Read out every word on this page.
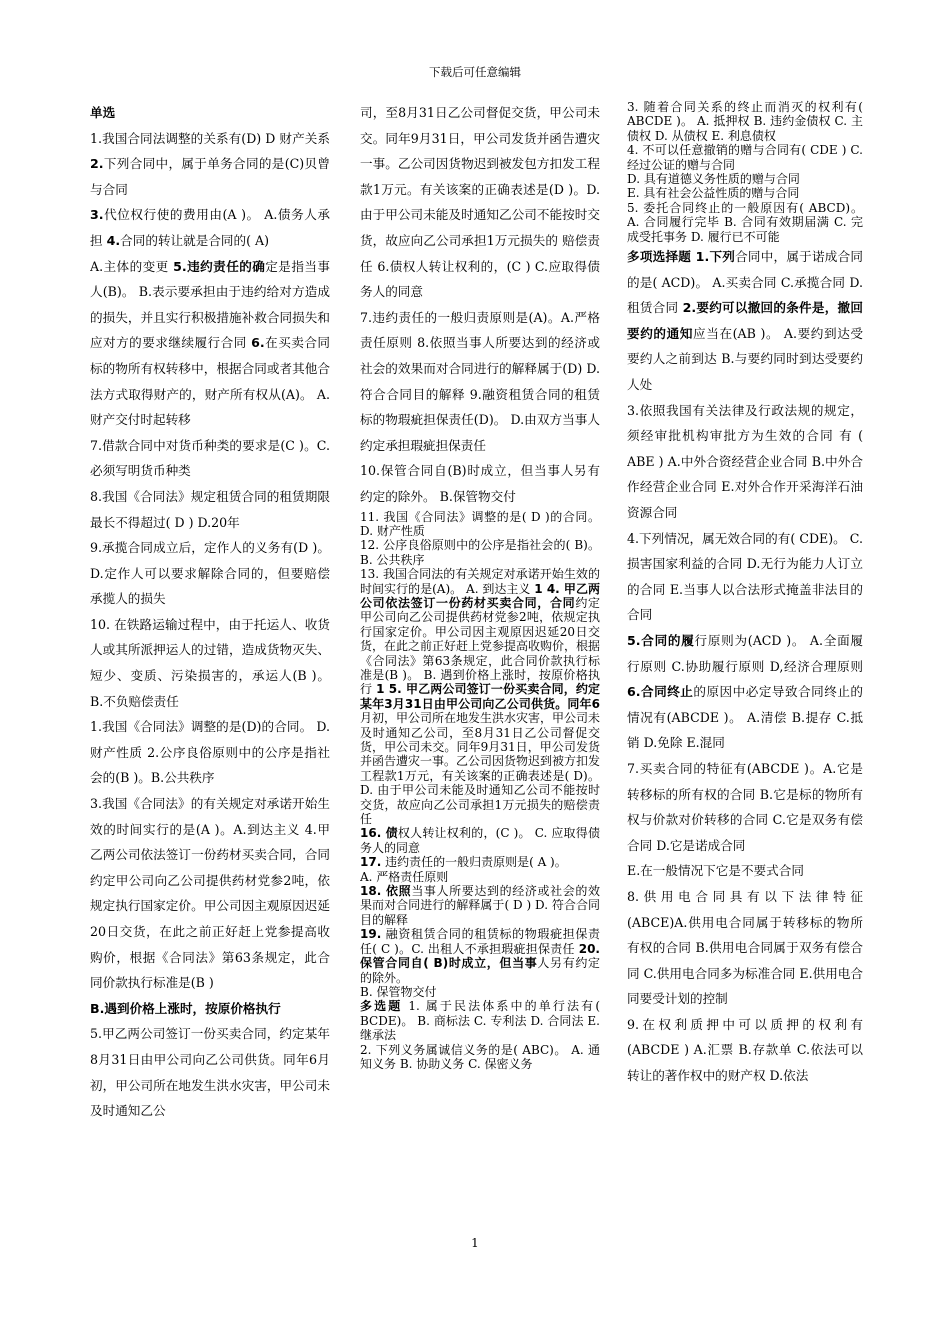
下载后可任意编辑

单选

1.我国合同法调整的关系有(D) D 财产关系 2.下列合同中，属于单务合同的是(C)贝曾与合同

3.代位权行使的费用由(A )。 A.债务人承担 4.合同的转让就是合同的( A)

A.主体的变更 5.违约责任的确定是指当事人(B)。 B.表示要承担由于违约给对方造成的损失，并且实行积极措施补救合同损失和应对方的要求继续履行合同 6.在买卖合同标的物所有权转移中，根据合同或者其他合法方式取得财产的，财产所有权从(A)。 A.财产交付时起转移

7.借款合同中对货币种类的要求是(C )。C.必须写明货币种类

8.我国《合同法》规定租赁合同的租赁期限最长不得超过( D ) D.20年

9.承揽合同成立后，定作人的义务有(D )。 D.定作人可以要求解除合同的，但要赔偿承揽人的损失

10. 在铁路运输过程中，由于托运人、收货人或其所派押运人的过错，造成货物灭失、短少、变质、污染损害的，承运人(B )。 B.不负赔偿责任

1.我国《合同法》调整的是(D)的合同。 D.财产性质 2.公序良俗原则中的公序是指社会的(B )。B.公共秩序

3.我国《合同法》的有关规定对承诺开始生效的时间实行的是(A )。A.到达主义 4.甲乙两公司依法签订一份药材买卖合同，合同约定甲公司向乙公司提供药材党参2吨，依规定执行国家定价。甲公司因主观原因迟延20日交货，在此之前正好赶上党参提高收购价，根据《合同法》第63条规定，此合同价款执行标准是(B )

B.遇到价格上涨时，按原价格执行

5.甲乙两公司签订一份买卖合同，约定某年8月31日由甲公司向乙公司供货。同年6月初，甲公司所在地发生洪水灾害，甲公司未及时通知乙公

司，至8月31日乙公司督促交货，甲公司未交。同年9月31日，甲公司发货并函告遭灾一事。乙公司因货物迟到被发包方扣发工程款1万元。有关该案的正确表述是(D )。D.由于甲公司未能及时通知乙公司不能按时交货，故应向乙公司承担1万元损失的 赔偿责任 6.债权人转让权利的，(C ) C.应取得债务人的同意

7.违约责任的一般归责原则是(A)。A.严格责任原则 8.依照当事人所要达到的经济或社会的效果而对合同进行的解释属于(D) D.符合合同目的解释 9.融资租赁合同的租赁标的物瑕疵担保责任(D)。 D.由双方当事人约定承担瑕疵担保责任

10.保管合同自(B)时成立，但当事人另有约定的除外。 B.保管物交付

11. 我国《合同法》调整的是( D )的合同。 D. 财产性质

12. 公序良俗原则中的公序是指社会的( B)。 B. 公共秩序

13. 我国合同法的有关规定对承诺开始生效的时间实行的是(A)。 A. 到达主义 1 4. 甲乙两公司依法签订一份药材买卖合同，合同约定甲公司向乙公司提供药材党参2吨，依规定执行国家定价。甲公司因主观原因迟延20日交货，在此之前正好赶上党参提高收购价，根据《合同法》第63条规定，此合同价款执行标准是(B )。 B. 遇到价格上涨时，按原价格执行 1 5. 甲乙两公司签订一份买卖合同，约定某年3月31日由甲公司向乙公司供货。同年6月初，甲公司所在地发生洪水灾害，甲公司未及时通知乙公司，至8月31日乙公司督促交货，甲公司未交。同年9月31日，甲公司发货并函告遭灾一事。乙公司因货物迟到被方扣发工程款1万元，有关该案的正确表述是( D)。D. 由于甲公司未能及时通知乙公司不能按时交货，故应向乙公司承担1万元损失的赔偿责任

16. 债权人转让权利的，(C )。 C. 应取得债务人的同意

17. 违约责任的一般归责原则是( A )。

A. 严格责任原则

18. 依照当事人所要达到的经济或社会的效果而对合同进行的解释属于( D ) D. 符合合同目的解释

19. 融资租赁合同的租赁标的物瑕疵担保责任( C )。C. 出租人不承担瑕疵担保责任 20. 保管合同自( B)时成立，但当事人另有约定的除外。

B. 保管物交付

多选题 1. 属于民法体系中的单行法有( BCDE)。 B. 商标法 C. 专利法 D. 合同法 E. 继承法

2. 下列义务属诚信义务的是( ABC)。 A. 通知义务 B. 协助义务 C. 保密义务

3. 随着合同关系的终止而消灭的权利有( ABCDE )。 A. 抵押权 B. 违约金债权 C. 主债权 D. 从债权 E. 利息债权

4. 不可以任意撤销的赠与合同有( CDE ) C. 经过公证的赠与合同

D. 具有道德义务性质的赠与合同

E. 具有社会公益性质的赠与合同

5. 委托合同终止的一般原因有( ABCD)。 A. 合同履行完毕 B. 合同有效期届满 C. 完成受托事务 D. 履行已不可能

多项选择题 1.下列合同中，属于诺成合同的是( ACD)。 A.买卖合同 C.承揽合同 D.租赁合同 2.要约可以撤回的条件是，撤回要约的通知应当在(AB )。 A.要约到达受要约人之前到达 B.与要约同时到达受要约人处

3.依照我国有关法律及行政法规的规定，须经审批机构审批方为生效的合同 有 ( ABE ) A.中外合资经营企业合同 B.中外合作经营企业合同 E.对外合作开采海洋石油资源合同

4.下列情况，属无效合同的有( CDE)。 C.损害国家利益的合同 D.无行为能力人订立的合同 E.当事人以合法形式掩盖非法目的合同

5.合同的履行原则为(ACD )。 A.全面履行原则 C.协助履行原则 D,经济合理原则 6.合同终止的原因中必定导致合同终止的情况有(ABCDE )。 A.清偿 B.提存 C.抵销 D.免除 E.混同

7.买卖合同的特征有(ABCDE )。A.它是转移标的所有权的合同 B.它是标的物所有权与价款对价转移的合同 C.它是双务有偿合同 D.它是诺成合同

E.在一般情况下它是不要式合同

8.供用电合同具有以下法律特征(ABCE)A.供用电合同属于转移标的物所有权的合同 B.供用电合同属于双务有偿合同 C.供用电合同多为标准合同 E.供用电合同要受计划的控制

9.在权利质押中可以质押的权利有(ABCDE ) A.汇票 B.存款单 C.依法可以转让的著作权中的财产权 D.依法

1
